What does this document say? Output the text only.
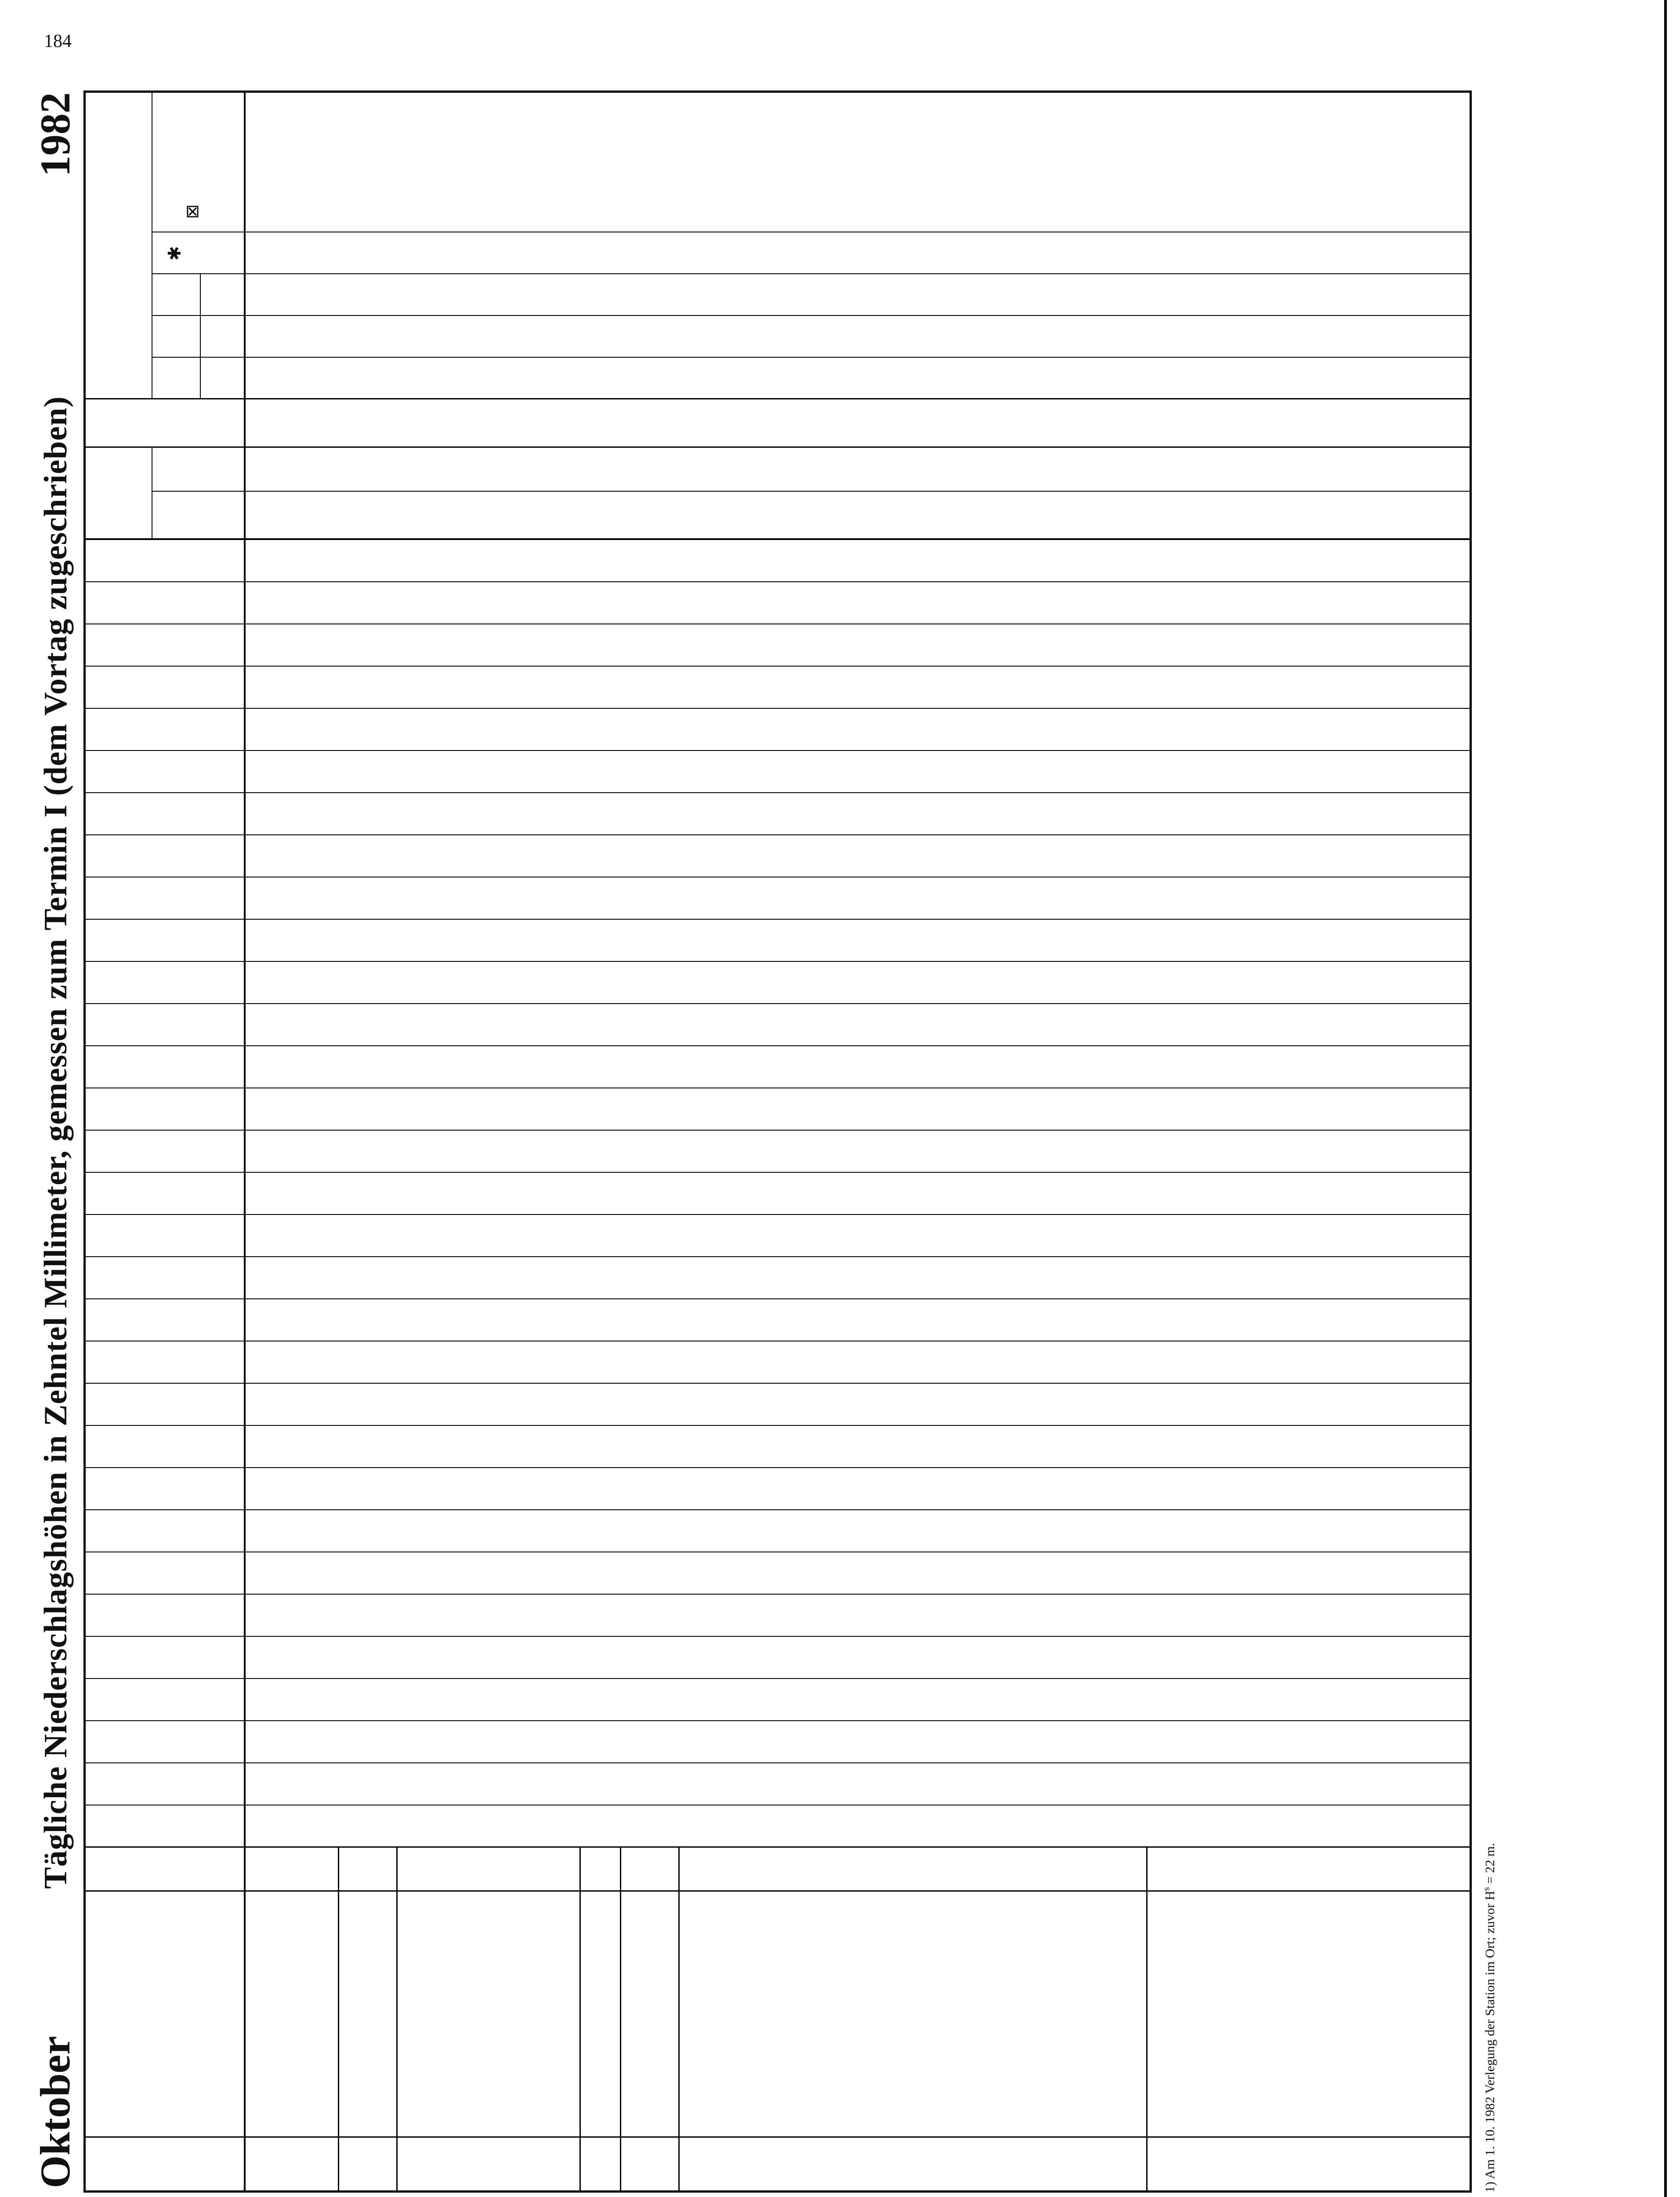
184
Oktober
Tägliche Niederschlagshöhen in Zehntel Millimeter, gemessen zum Termin I (dem Vortag zugeschrieben)
1982
✱
⊠
1) Am 1. 10. 1982 Verlegung der Station im Ort; zuvor $H^s = 22$ m.
